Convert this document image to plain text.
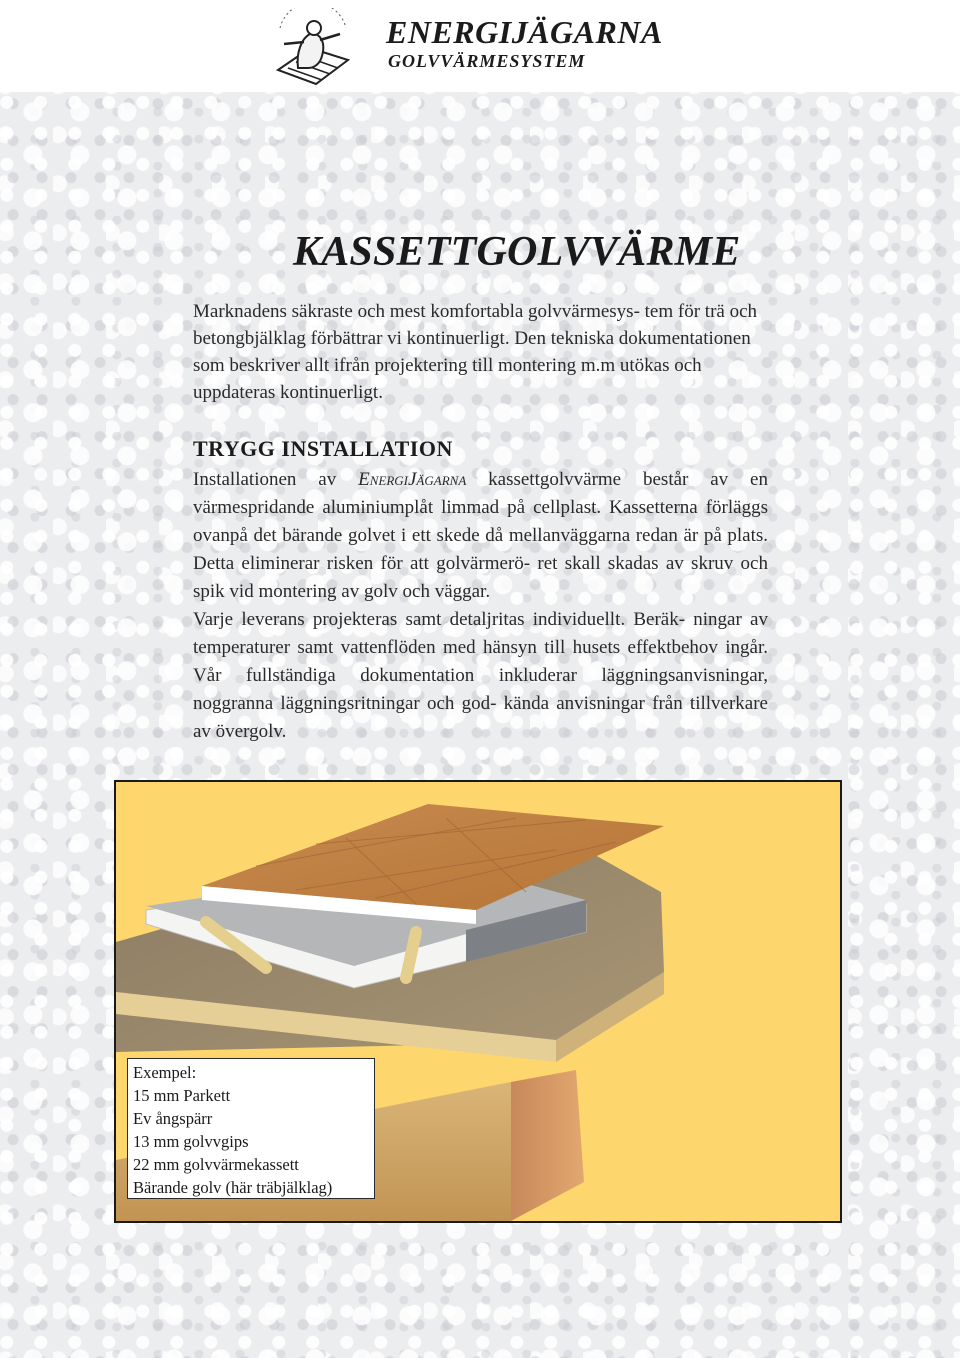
ENERGIJÄGARNA
GOLVVÄRMESYSTEM
KASSETTGOLVVÄRME

Marknadens säkraste och mest komfortabla golvvärmesys- tem för trä och betongbjälklag förbättrar vi kontinuerligt. Den tekniska dokumentationen som beskriver allt ifrån projektering till montering m.m utökas och uppdateras kontinuerligt.

TRYGG INSTALLATION
Installationen av EnergiJägarna kassettgolvvärme består av en värmespridande aluminiumplåt limmad på cellplast. Kassetterna förläggs ovanpå det bärande golvet i ett skede då mellanväggarna redan är på plats. Detta eliminerar risken för att golvärmerö- ret skall skadas av skruv och spik vid montering av golv och väggar.
Varje leverans projekteras samt detaljritas individuellt. Beräk- ningar av temperaturer samt vattenflöden med hänsyn till husets effektbehov ingår. Vår fullständiga dokumentation inkluderar läggningsanvisningar, noggranna läggningsritningar och god- kända anvisningar från tillverkare av övergolv.
Exempel:
15 mm Parkett
Ev ångspärr
13 mm golvvgips
22 mm golvvärmekassett
Bärande golv (här träbjälklag)
